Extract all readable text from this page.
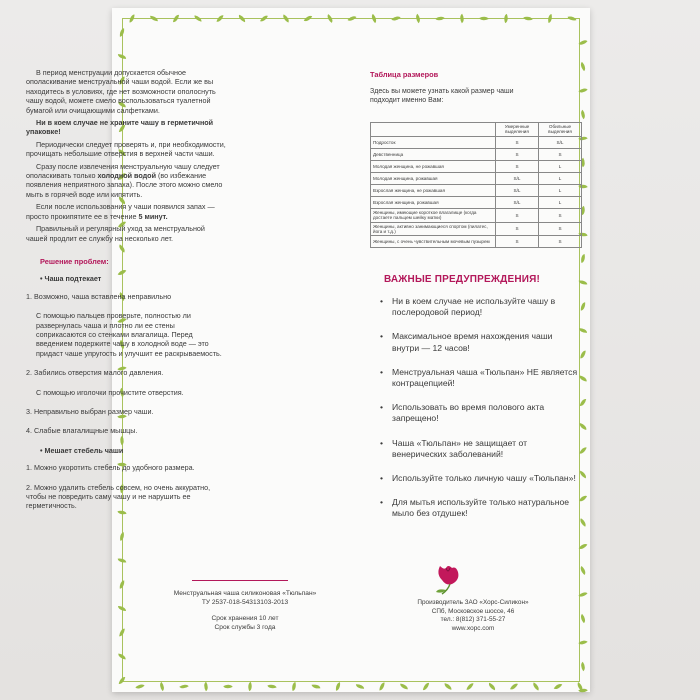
В период менструации допускается обычное ополаскивание менструальной чаши водой. Если же вы находитесь в условиях, где нет возможности ополоснуть чашу водой, можете смело воспользоваться туалетной бумагой или очищающими салфетками.

Ни в коем случае не храните чашу в герметичной упаковке!

Периодически следует проверять и, при необходимости, прочищать небольшие отверстия в верхней части чаши.

Сразу после извлечения менструальную чашу следует ополаскивать только холодной водой (во избежание появления неприятного запаха). После этого можно смело мыть в горячей воде или кипятить.

Если после использования у чаши появился запах — просто прокипятите ее в течение 5 минут.

Правильный и регулярный уход за менструальной чашей продлит ее службу на несколько лет.

Решение проблем:
• Чаша подтекает
1. Возможно, чаша вставлена неправильно
С помощью пальцев проверьте, полностью ли развернулась чаша и плотно ли ее стены соприкасаются со стенками влагалища. Перед введением подержите чашу в холодной воде — это придаст чаше упругость и улучшит ее раскрываемость.
2. Забились отверстия малого давления.
С помощью иголочки прочистите отверстия.
3. Неправильно выбран размер чаши.
4. Слабые влагалищные мышцы.
• Мешает стебель чаши
1. Можно укоротить стебель до удобного размера.
2. Можно удалить стебель совсем, но очень аккуратно, чтобы не повредить саму чашу и не нарушить ее герметичность.
Менструальная чаша силиконовая «Тюльпан»
ТУ 2537-018-54313103-2013
Срок хранения 10 лет
Срок службы 3 года
Таблица размеров
Здесь вы можете узнать какой размер чаши подходит именно Вам:
	Умеренные выделения	Обильные выделения
Подросток	S	S/L
Девственница	S	S
Молодая женщина, не рожавшая	S	L
Молодая женщина, рожавшая	S/L	L
Взрослая женщина, не рожавшая	S/L	L
Взрослая женщина, рожавшая	S/L	L
Женщины, имеющие короткое влагалище (когда достаете пальцем шейку матки)	S	S
Женщины, активно занимающиеся спортом (пилатес, йога и т.д.)	S	S
Женщины, с очень чувствительным мочевым пузырем	S	S
ВАЖНЫЕ ПРЕДУПРЕЖДЕНИЯ!
• Ни в коем случае не используйте чашу в послеродовой период!
• Максимальное время нахождения чаши внутри — 12 часов!
• Менструальная чаша «Тюльпан» НЕ является контрацепцией!
• Использовать во время полового акта запрещено!
• Чаша «Тюльпан» не защищает от венерических заболеваний!
• Используйте только личную чашу «Тюльпан»!
• Для мытья используйте только натуральное мыло без отдушек!
Производитель ЗАО «Хорс-Силикон»
СПб, Московское шоссе, 46
тел.: 8(812) 371-55-27
www.xopc.com
